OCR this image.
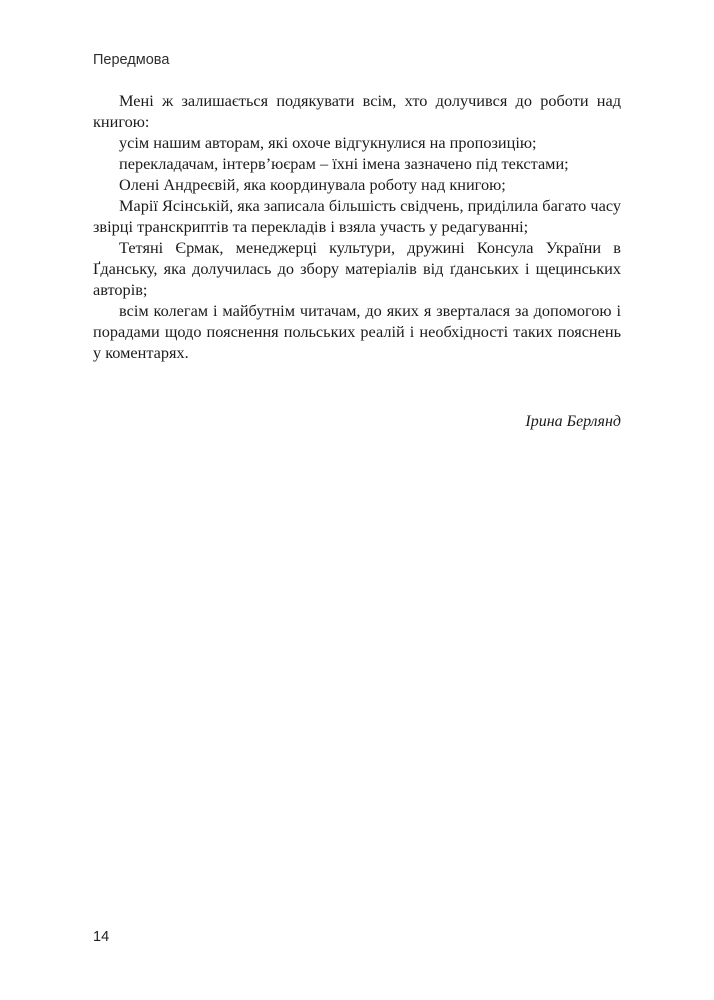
Передмова

Мені ж залишається подякувати всім, хто долучився до роботи над книгою:

усім нашим авторам, які охоче відгукнулися на пропозицію;

перекладачам, інтерв’юєрам – їхні імена зазначено під текстами;

Олені Андреєвій, яка координувала роботу над книгою;

Марії Ясінській, яка записала більшість свідчень, приділила багато часу звірці транскриптів та перекладів і взяла участь у редагуванні;

Тетяні Єрмак, менеджерці культури, дружині Консула України в Ґданську, яка долучилась до збору матеріалів від ґданських і щецинських авторів;

всім колегам і майбутнім читачам, до яких я зверталася за допомогою і порадами щодо пояснення польських реалій і необхідності таких пояснень у коментарях.

Ірина Берлянд

14
